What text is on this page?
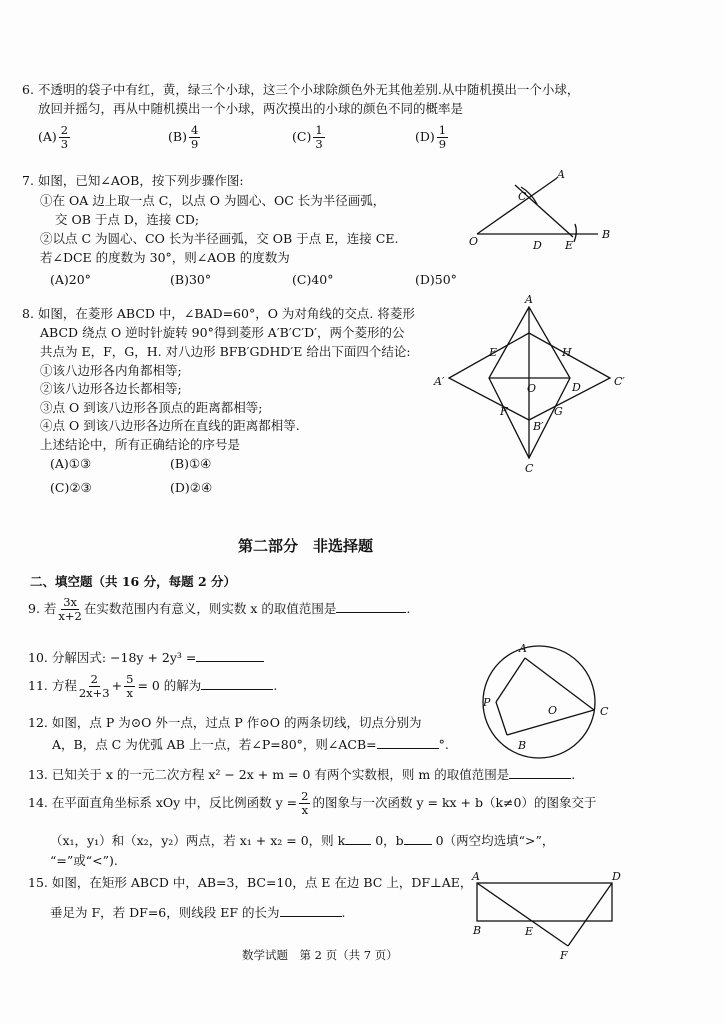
6. 不透明的袋子中有红，黄，绿三个小球，这三个小球除颜色外无其他差别.从中随机摸出一个小球，
放回并摇匀，再从中随机摸出一个小球，两次摸出的小球的颜色不同的概率是
$(A) \frac{2}{3}$	$(B) \frac{4}{9}$	$(C) \frac{1}{3}$	$(D) \frac{1}{9}$
7. 如图，已知∠AOB，按下列步骤作图:
①在 OA 边上取一点 C，以点 O 为圆心、OC 长为半径画弧，
交 OB 于点 D，连接 CD;
②以点 C 为圆心、CO 长为半径画弧，交 OB 于点 E，连接 CE.
若∠DCE 的度数为 30°，则∠AOB 的度数为
(A)20°	(B)30°	(C)40°	(D)50°
A
B
C
D E
O
8. 如图，在菱形 ABCD 中，∠BAD=60°，O 为对角线的交点. 将菱形
ABCD 绕点 O 逆时针旋转 90°得到菱形 A′B′C′D′，两个菱形的公
共点为 E，F，G，H. 对八边形 BFB′GDHD′E 给出下面四个结论:
①该八边形各内角都相等;
②该八边形各边长都相等;
③点 O 到该八边形各顶点的距离都相等;
④点 O 到该八边形各边所在直线的距离都相等.
上述结论中，所有正确结论的序号是
(A)①③	(B)①④
(C)②③	(D)②④
A
C
A′	C′
B′
D
O
E
F	G
H
第二部分　非选择题
二、填空题（共 16 分，每题 2 分）
9. 若 $\frac{3x}{x+2}$ 在实数范围内有意义，则实数 x 的取值范围是	.
10. 分解因式: −18y + 2y³ =
11. 方程 $\frac{2}{2x+3} + \frac{5}{x} = 0$ 的解为	.
12. 如图，点 P 为⊙O 外一点，过点 P 作⊙O 的两条切线，切点分别为
A，B，点 C 为优弧 AB 上一点，若∠P=80°，则∠ACB=	°.
A
B
C
P
O
13. 已知关于 x 的一元二次方程 x² − 2x + m = 0 有两个实数根，则 m 的取值范围是	.
14. 在平面直角坐标系 xOy 中，反比例函数 $y = \frac{2}{x}$ 的图象与一次函数 y = kx + b（k≠0）的图象交于
（x₁，y₁）和（x₂，y₂）两点，若 x₁ + x₂ = 0，则 k 0，b	0（两空均选填“>”，
“=”或“<”).
15. 如图，在矩形 ABCD 中，AB=3，BC=10，点 E 在边 BC 上，DF⊥AE，
垂足为 F，若 DF=6，则线段 EF 的长为	.
A	D
B	E
F
数学试题　第 2 页（共 7 页）
